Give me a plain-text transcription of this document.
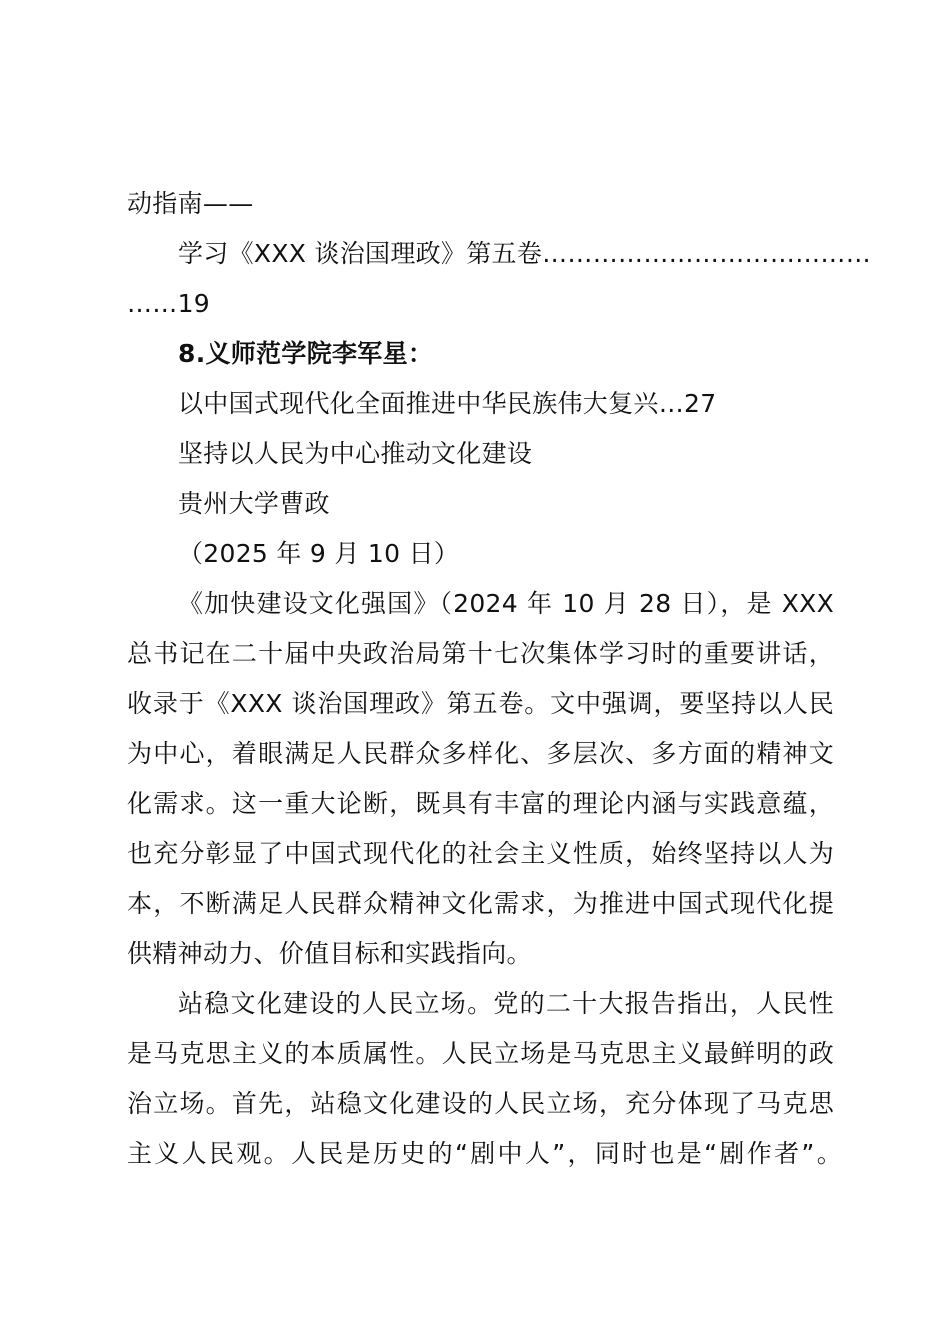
动指南——
学习《XXX 谈治国理政》第五卷…………………………………
……19
8.义师范学院李军星：
以中国式现代化全面推进中华民族伟大复兴…27
坚持以人民为中心推动文化建设
贵州大学曹政
（2025 年 9 月 10 日）
《加快建设文化强国》（2024 年 10 月 28 日），是 XXX
总书记在二十届中央政治局第十七次集体学习时的重要讲话，
收录于《XXX 谈治国理政》第五卷。文中强调，要坚持以人民
为中心，着眼满足人民群众多样化、多层次、多方面的精神文
化需求。这一重大论断，既具有丰富的理论内涵与实践意蕴，
也充分彰显了中国式现代化的社会主义性质，始终坚持以人为
本，不断满足人民群众精神文化需求，为推进中国式现代化提
供精神动力、价值目标和实践指向。
站稳文化建设的人民立场。党的二十大报告指出，人民性
是马克思主义的本质属性。人民立场是马克思主义最鲜明的政
治立场。首先，站稳文化建设的人民立场，充分体现了马克思
主义人民观。人民是历史的“剧中人”，同时也是“剧作者”。
